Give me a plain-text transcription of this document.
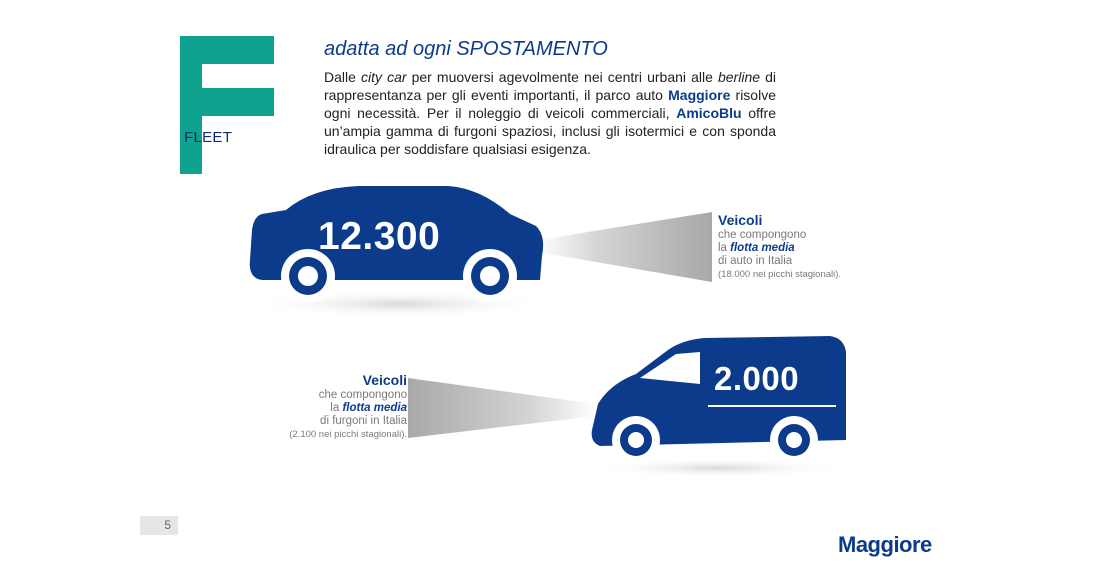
FLEET
adatta ad ogni SPOSTAMENTO
Dalle city car per muoversi agevolmente nei centri urbani alle berline di rappresentanza per gli eventi importanti, il parco auto Maggiore risolve ogni necessità. Per il noleggio di veicoli commerciali, AmicoBlu offre un’ampia gamma di furgoni spaziosi, inclusi gli isotermici e con sponda idraulica per soddisfare qualsiasi esigenza.
12.300
2.000
Veicoli
che compongono
la flotta media
di auto in Italia
(18.000 nei picchi stagionali).
Veicoli
che compongono
la flotta media
di furgoni in Italia
(2.100 nei picchi stagionali).
5
Maggiore
